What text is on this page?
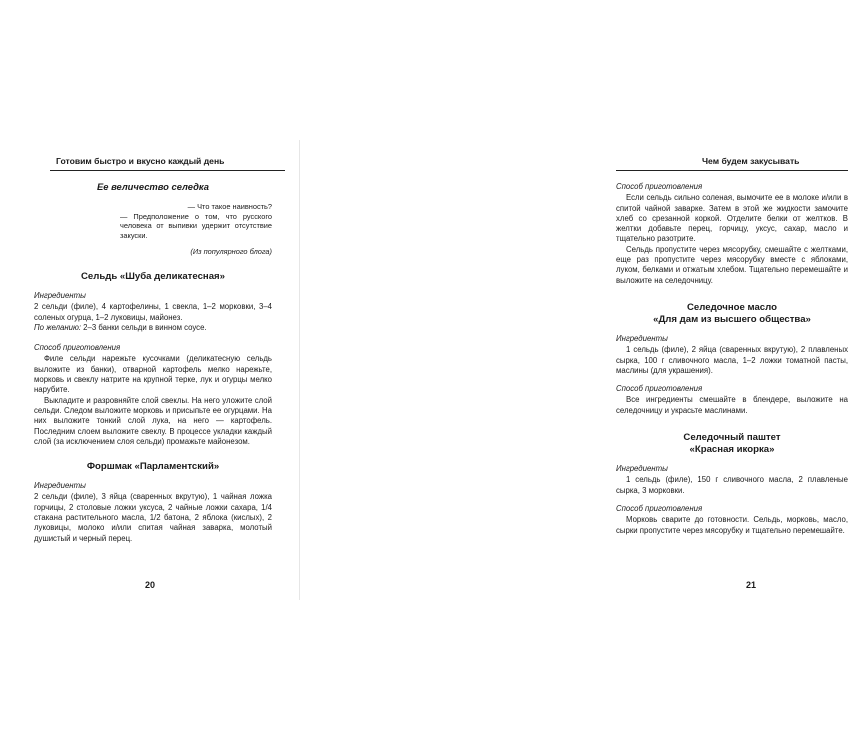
Готовим быстро и вкусно каждый день
Ее величество селедка
— Что такое наивность?
— Предположение о том, что русского человека от выпивки удержит отсутствие закуски.
(Из популярного блога)
Сельдь «Шуба деликатесная»
Ингредиенты
2 сельди (филе), 4 картофелины, 1 свекла, 1–2 морковки, 3–4 соленых огурца, 1–2 луковицы, майонез.
По желанию: 2–3 банки сельди в винном соусе.
Способ приготовления
Филе сельди нарежьте кусочками (деликатесную сельдь выложите из банки), отварной картофель мелко нарежьте, морковь и свеклу натрите на крупной терке, лук и огурцы мелко нарубите.
Выкладите и разровняйте слой свеклы. На него уложите слой сельди. Следом выложите морковь и присыпьте ее огурцами. На них выложите тонкий слой лука, на него — картофель. Последним слоем выложите свеклу. В процессе укладки каждый слой (за исключением слоя сельди) промажьте майонезом.
Форшмак «Парламентский»
Ингредиенты
2 сельди (филе), 3 яйца (сваренных вкрутую), 1 чайная ложка горчицы, 2 столовые ложки уксуса, 2 чайные ложки сахара, 1/4 стакана растительного масла, 1/2 батона, 2 яблока (кислых), 2 луковицы, молоко и/или спитая чайная заварка, молотый душистый и черный перец.
20
Чем будем закусывать
Способ приготовления
Если сельдь сильно соленая, вымочите ее в молоке и/или в спитой чайной заварке. Затем в этой же жидкости замочите хлеб со срезанной коркой. Отделите белки от желтков. В желтки добавьте перец, горчицу, уксус, сахар, масло и тщательно разотрите.
Сельдь пропустите через мясорубку, смешайте с желтками, еще раз пропустите через мясорубку вместе с яблоками, луком, белками и отжатым хлебом. Тщательно перемешайте и выложите на селедочницу.
Селедочное масло
«Для дам из высшего общества»
Ингредиенты
1 сельдь (филе), 2 яйца (сваренных вкрутую), 2 плавленых сырка, 100 г сливочного масла, 1–2 ложки томатной пасты, маслины (для украшения).
Способ приготовления
Все ингредиенты смешайте в блендере, выложите на селедочницу и украсьте маслинами.
Селедочный паштет
«Красная икорка»
Ингредиенты
1 сельдь (филе), 150 г сливочного масла, 2 плавленые сырка, 3 морковки.
Способ приготовления
Морковь сварите до готовности. Сельдь, морковь, масло, сырки пропустите через мясорубку и тщательно перемешайте.
21
